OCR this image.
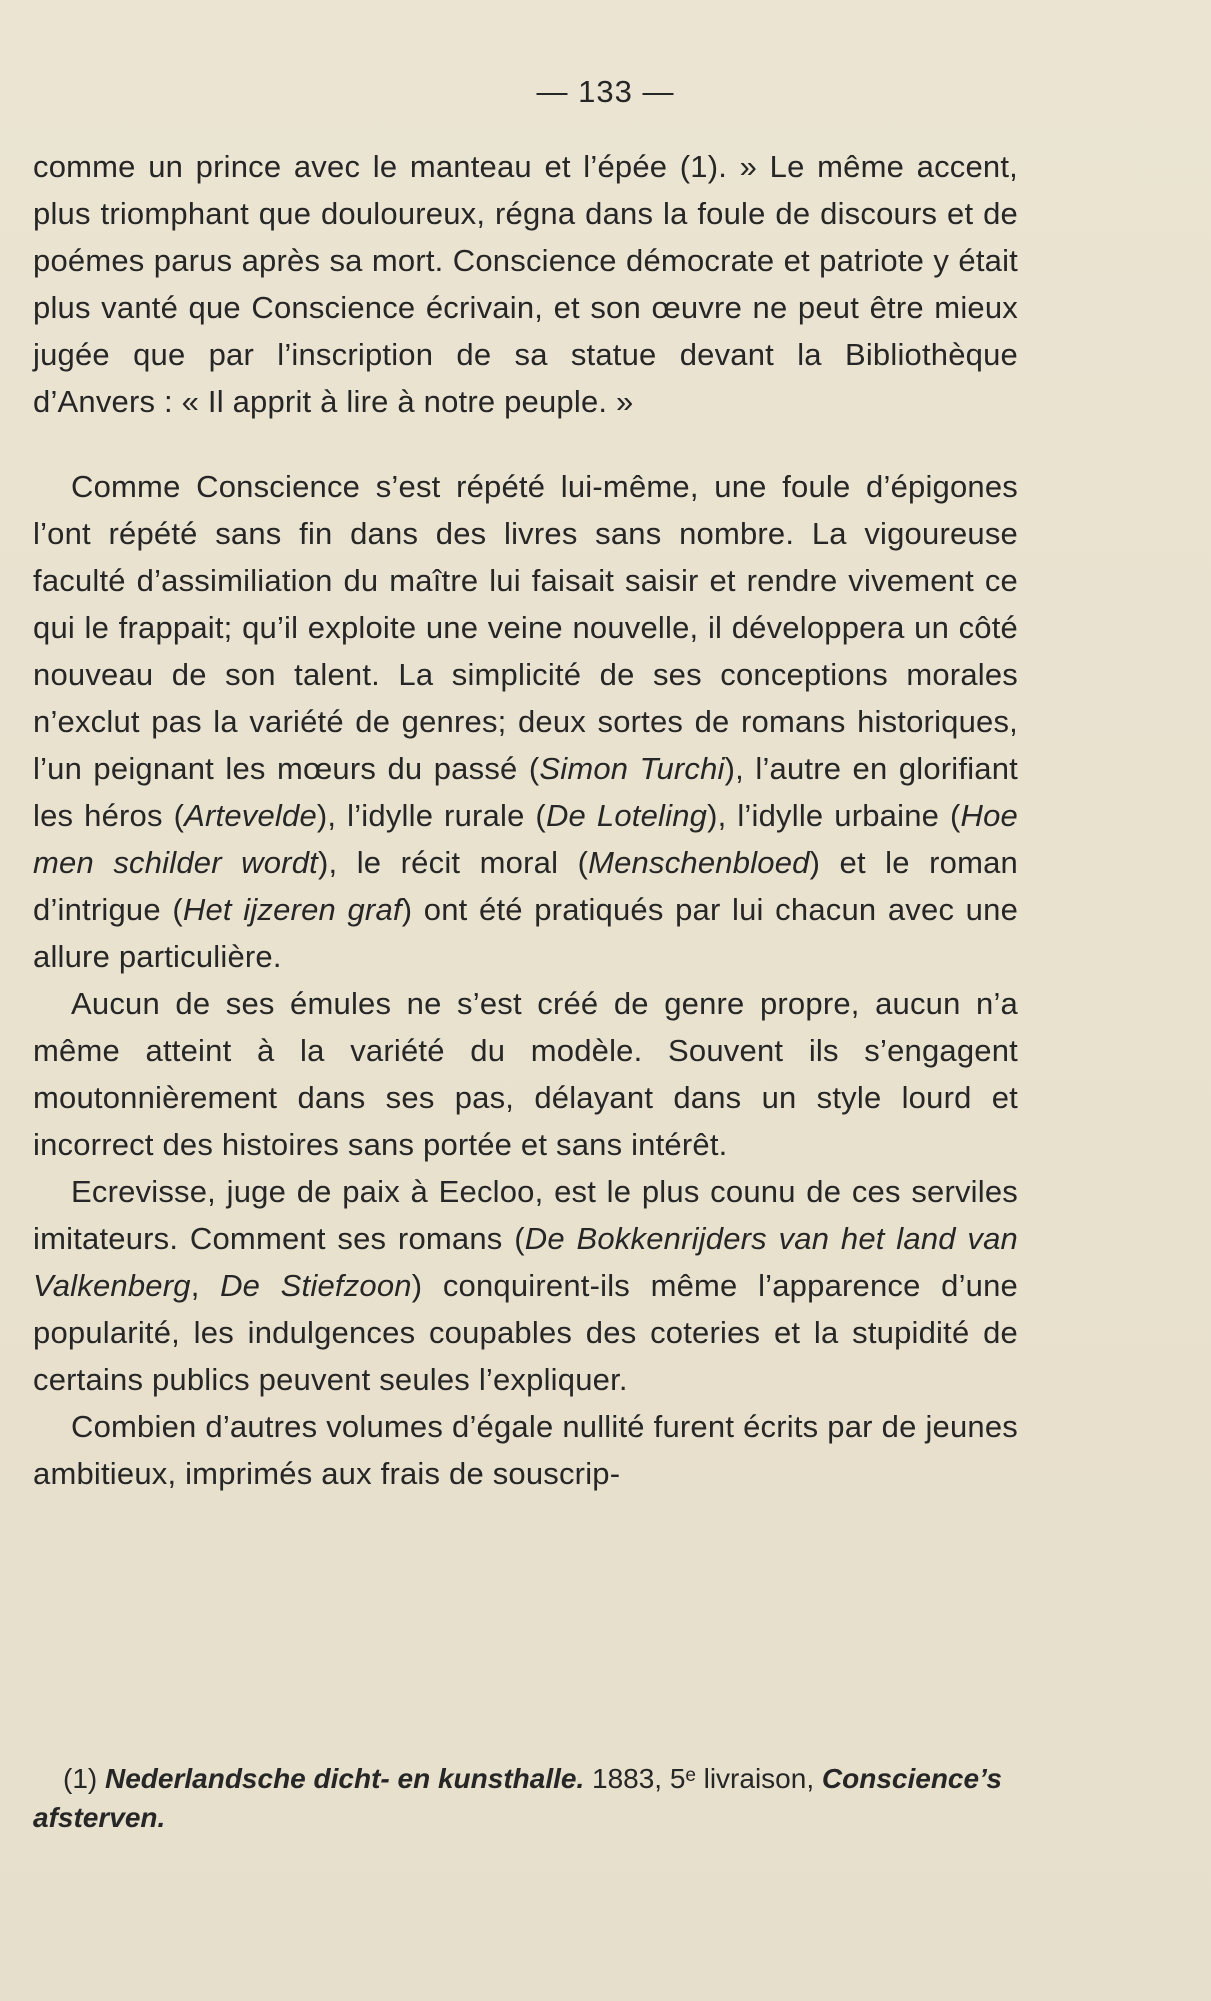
— 133 —

comme un prince avec le manteau et l’épée (1). » Le même accent, plus triomphant que douloureux, régna dans la foule de discours et de poémes parus après sa mort. Conscience démocrate et patriote y était plus vanté que Conscience écrivain, et son œuvre ne peut être mieux jugée que par l’inscription de sa statue devant la Bibliothèque d’Anvers : « Il apprit à lire à notre peuple. »

Comme Conscience s’est répété lui-même, une foule d’épigones l’ont répété sans fin dans des livres sans nombre. La vigoureuse faculté d’assimiliation du maître lui faisait saisir et rendre vivement ce qui le frappait; qu’il exploite une veine nouvelle, il développera un côté nouveau de son talent. La simplicité de ses conceptions morales n’exclut pas la variété de genres; deux sortes de romans historiques, l’un peignant les mœurs du passé (Simon Turchi), l’autre en glorifiant les héros (Artevelde), l’idylle rurale (De Loteling), l’idylle urbaine (Hoe men schilder wordt), le récit moral (Menschenbloed) et le roman d’intrigue (Het ijzeren graf) ont été pratiqués par lui chacun avec une allure particulière.

Aucun de ses émules ne s’est créé de genre propre, aucun n’a même atteint à la variété du modèle. Souvent ils s’engagent moutonnièrement dans ses pas, délayant dans un style lourd et incorrect des histoires sans portée et sans intérêt.

Ecrevisse, juge de paix à Eecloo, est le plus counu de ces serviles imitateurs. Comment ses romans (De Bokkenrijders van het land van Valkenberg, De Stiefzoon) conquirent-ils même l’apparence d’une popularité, les indulgences coupables des coteries et la stupidité de certains publics peuvent seules l’expliquer.

Combien d’autres volumes d’égale nullité furent écrits par de jeunes ambitieux, imprimés aux frais de souscrip-

(1) Nederlandsche dicht- en kunsthalle. 1883, 5ᵉ livraison, Conscience’s afsterven.
